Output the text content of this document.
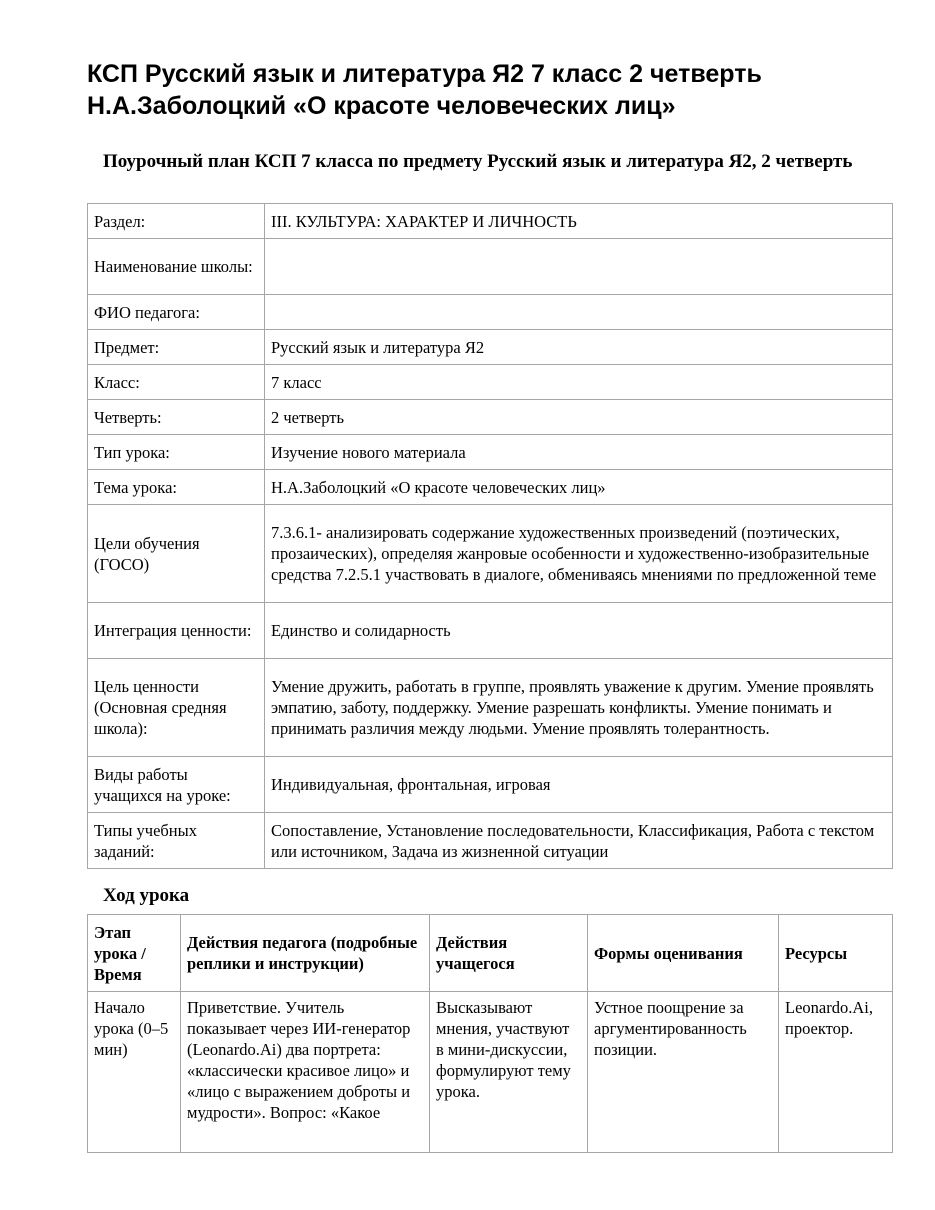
КСП Русский язык и литература Я2 7 класс 2 четверть
Н.А.Заболоцкий «О красоте человеческих лиц»
Поурочный план КСП 7 класса по предмету Русский язык и литература Я2, 2 четверть
Раздел:	III. КУЛЬТУРА: ХАРАКТЕР И ЛИЧНОСТЬ
Наименование школы:	
ФИО педагога:	
Предмет:	Русский язык и литература Я2
Класс:	7 класс
Четверть:	2 четверть
Тип урока:	Изучение нового материала
Тема урока:	Н.А.Заболоцкий «О красоте человеческих лиц»
Цели обучения (ГОСО)	7.3.6.1- анализировать содержание художественных произведений (поэтических, прозаических), определяя жанровые особенности и художественно-изобразительные средства 7.2.5.1 участвовать в диалоге, обмениваясь мнениями по предложенной теме
Интеграция ценности:	Единство и солидарность
Цель ценности (Основная средняя школа):	Умение дружить, работать в группе, проявлять уважение к другим. Умение проявлять эмпатию, заботу, поддержку. Умение разрешать конфликты. Умение понимать и принимать различия между людьми. Умение проявлять толерантность.
Виды работы учащихся на уроке:	Индивидуальная, фронтальная, игровая
Типы учебных заданий:	Сопоставление, Установление последовательности, Классификация, Работа с текстом или источником, Задача из жизненной ситуации
Ход урока
Этап урока / Время	Действия педагога (подробные реплики и инструкции)	Действия учащегося	Формы оценивания	Ресурсы
Начало урока (0–5 мин)	Приветствие. Учитель показывает через ИИ-генератор (Leonardo.Ai) два портрета: «классически красивое лицо» и «лицо с выражением доброты и мудрости». Вопрос: «Какое	Высказывают мнения, участвуют в мини-дискуссии, формулируют тему урока.	Устное поощрение за аргументированность позиции.	Leonardo.Ai, проектор.
